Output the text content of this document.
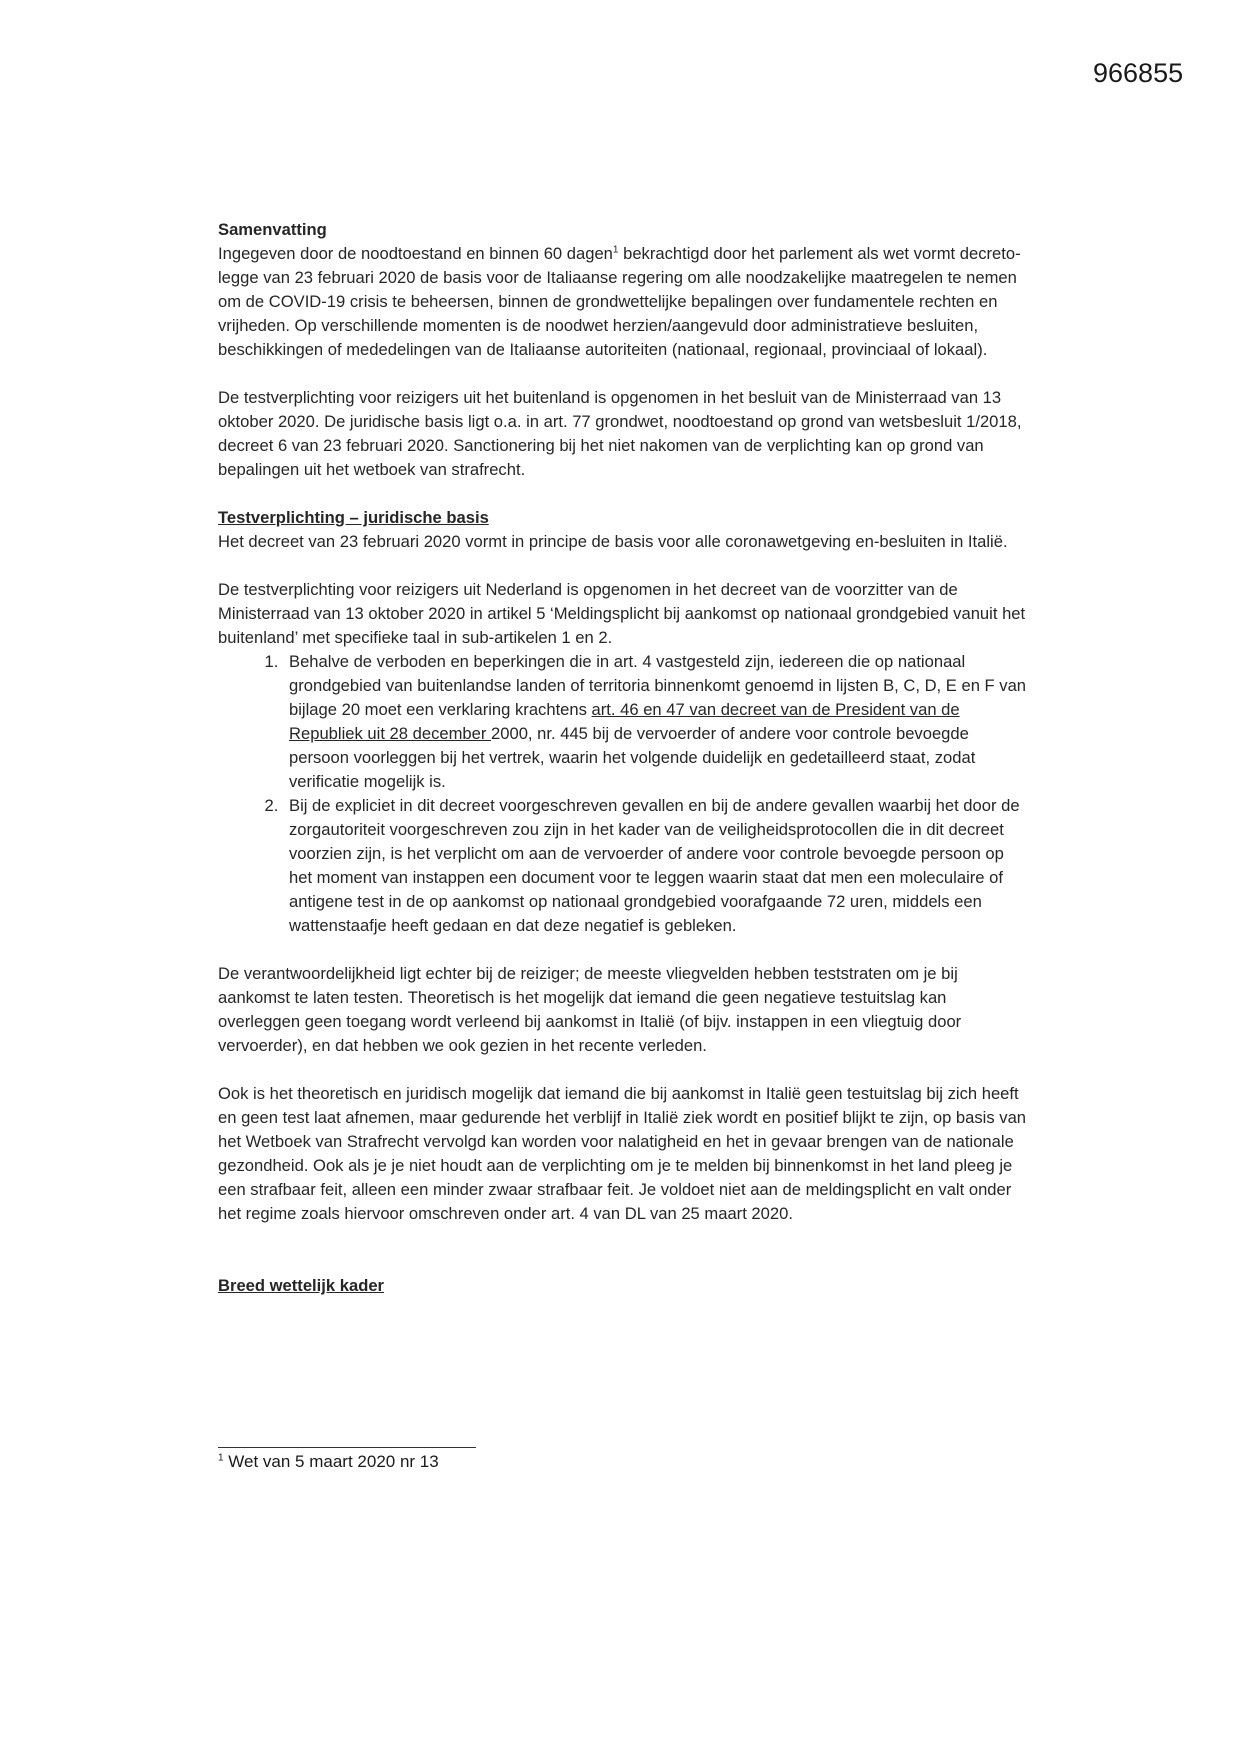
966855

Samenvatting

Ingegeven door de noodtoestand en binnen 60 dagen$^1$ bekrachtigd door het parlement als wet vormt decreto-legge van 23 februari 2020 de basis voor de Italiaanse regering om alle noodzakelijke maatregelen te nemen om de COVID-19 crisis te beheersen, binnen de grondwettelijke bepalingen over fundamentele rechten en vrijheden. Op verschillende momenten is de noodwet herzien/aangevuld door administratieve besluiten, beschikkingen of mededelingen van de Italiaanse autoriteiten (nationaal, regionaal, provinciaal of lokaal).

De testverplichting voor reizigers uit het buitenland is opgenomen in het besluit van de Ministerraad van 13 oktober 2020. De juridische basis ligt o.a. in art. 77 grondwet, noodtoestand op grond van wetsbesluit 1/2018, decreet 6 van 23 februari 2020. Sanctionering bij het niet nakomen van de verplichting kan op grond van bepalingen uit het wetboek van strafrecht.

Testverplichting – juridische basis

Het decreet van 23 februari 2020 vormt in principe de basis voor alle coronawetgeving en-besluiten in Italië.

De testverplichting voor reizigers uit Nederland is opgenomen in het decreet van de voorzitter van de Ministerraad van 13 oktober 2020 in artikel 5 ‘Meldingsplicht bij aankomst op nationaal grondgebied vanuit het buitenland’ met specifieke taal in sub-artikelen 1 en 2.

1. Behalve de verboden en beperkingen die in art. 4 vastgesteld zijn, iedereen die op nationaal grondgebied van buitenlandse landen of territoria binnenkomt genoemd in lijsten B, C, D, E en F van bijlage 20 moet een verklaring krachtens art. 46 en 47 van decreet van de President van de Republiek uit 28 december 2000, nr. 445 bij de vervoerder of andere voor controle bevoegde persoon voorleggen bij het vertrek, waarin het volgende duidelijk en gedetailleerd staat, zodat verificatie mogelijk is.
2. Bij de expliciet in dit decreet voorgeschreven gevallen en bij de andere gevallen waarbij het door de zorgautoriteit voorgeschreven zou zijn in het kader van de veiligheidsprotocollen die in dit decreet voorzien zijn, is het verplicht om aan de vervoerder of andere voor controle bevoegde persoon op het moment van instappen een document voor te leggen waarin staat dat men een moleculaire of antigene test in de op aankomst op nationaal grondgebied voorafgaande 72 uren, middels een wattenstaafje heeft gedaan en dat deze negatief is gebleken.

De verantwoordelijkheid ligt echter bij de reiziger; de meeste vliegvelden hebben teststraten om je bij aankomst te laten testen. Theoretisch is het mogelijk dat iemand die geen negatieve testuitslag kan overleggen geen toegang wordt verleend bij aankomst in Italië (of bijv. instappen in een vliegtuig door vervoerder), en dat hebben we ook gezien in het recente verleden.

Ook is het theoretisch en juridisch mogelijk dat iemand die bij aankomst in Italië geen testuitslag bij zich heeft en geen test laat afnemen, maar gedurende het verblijf in Italië ziek wordt en positief blijkt te zijn, op basis van het Wetboek van Strafrecht vervolgd kan worden voor nalatigheid en het in gevaar brengen van de nationale gezondheid. Ook als je je niet houdt aan de verplichting om je te melden bij binnenkomst in het land pleeg je een strafbaar feit, alleen een minder zwaar strafbaar feit. Je voldoet niet aan de meldingsplicht en valt onder het regime zoals hiervoor omschreven onder art. 4 van DL van 25 maart 2020.

Breed wettelijk kader

$^1$ Wet van 5 maart 2020 nr 13
